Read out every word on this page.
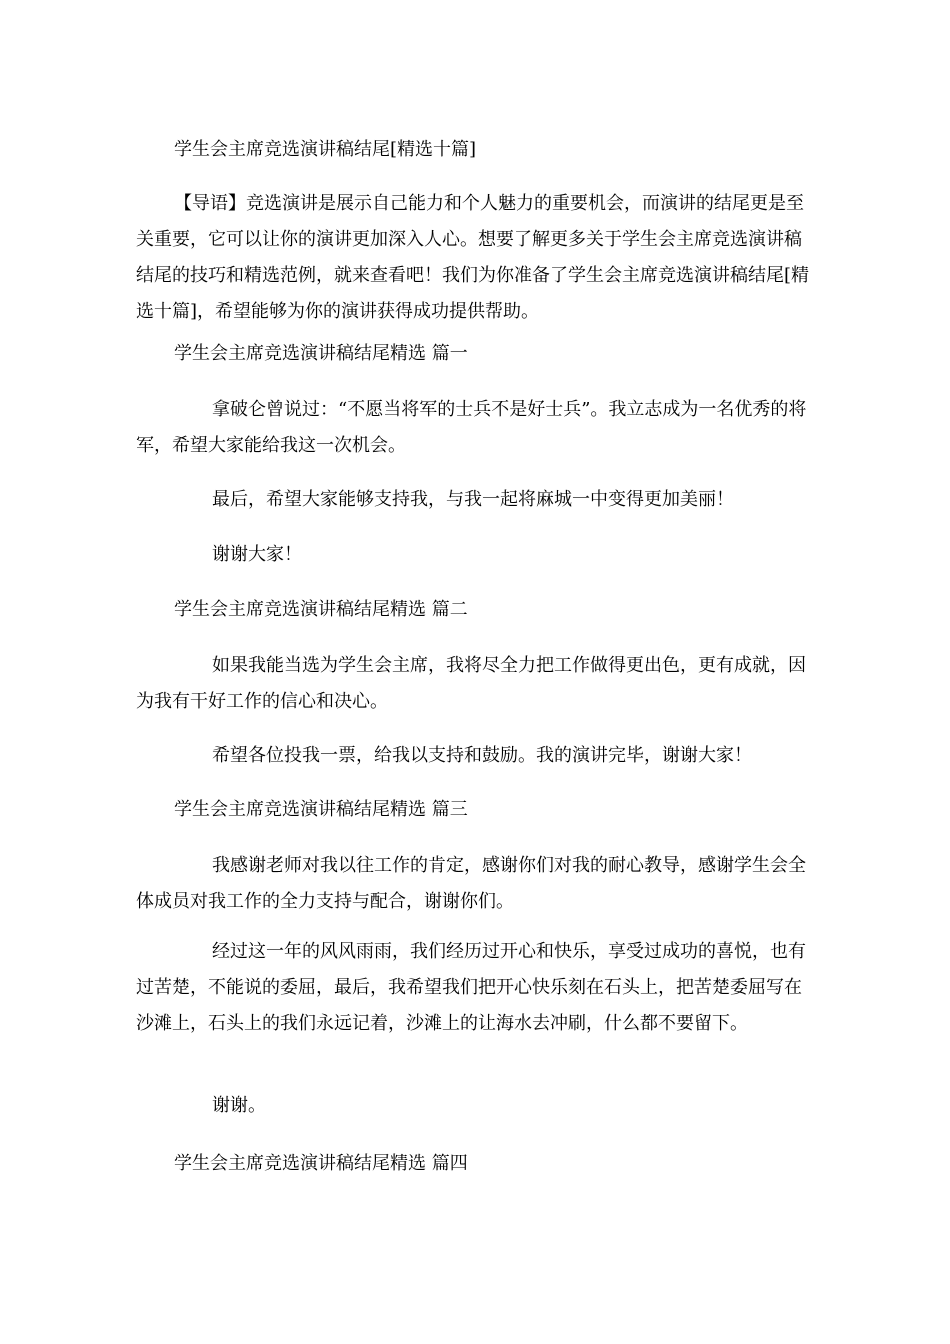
学生会主席竞选演讲稿结尾[精选十篇]

【导语】竞选演讲是展示自己能力和个人魅力的重要机会，而演讲的结尾更是至关重要，它可以让你的演讲更加深入人心。想要了解更多关于学生会主席竞选演讲稿结尾的技巧和精选范例，就来查看吧！我们为你准备了学生会主席竞选演讲稿结尾[精选十篇]，希望能够为你的演讲获得成功提供帮助。

学生会主席竞选演讲稿结尾精选 篇一

拿破仑曾说过：“不愿当将军的士兵不是好士兵”。我立志成为一名优秀的将军，希望大家能给我这一次机会。

最后，希望大家能够支持我，与我一起将麻城一中变得更加美丽！

谢谢大家！

学生会主席竞选演讲稿结尾精选 篇二

如果我能当选为学生会主席，我将尽全力把工作做得更出色，更有成就，因为我有干好工作的信心和决心。

希望各位投我一票，给我以支持和鼓励。我的演讲完毕，谢谢大家！

学生会主席竞选演讲稿结尾精选 篇三

我感谢老师对我以往工作的肯定，感谢你们对我的耐心教导，感谢学生会全体成员对我工作的全力支持与配合，谢谢你们。

经过这一年的风风雨雨，我们经历过开心和快乐，享受过成功的喜悦，也有过苦楚，不能说的委屈，最后，我希望我们把开心快乐刻在石头上，把苦楚委屈写在沙滩上，石头上的我们永远记着，沙滩上的让海水去冲刷，什么都不要留下。

谢谢。

学生会主席竞选演讲稿结尾精选 篇四
